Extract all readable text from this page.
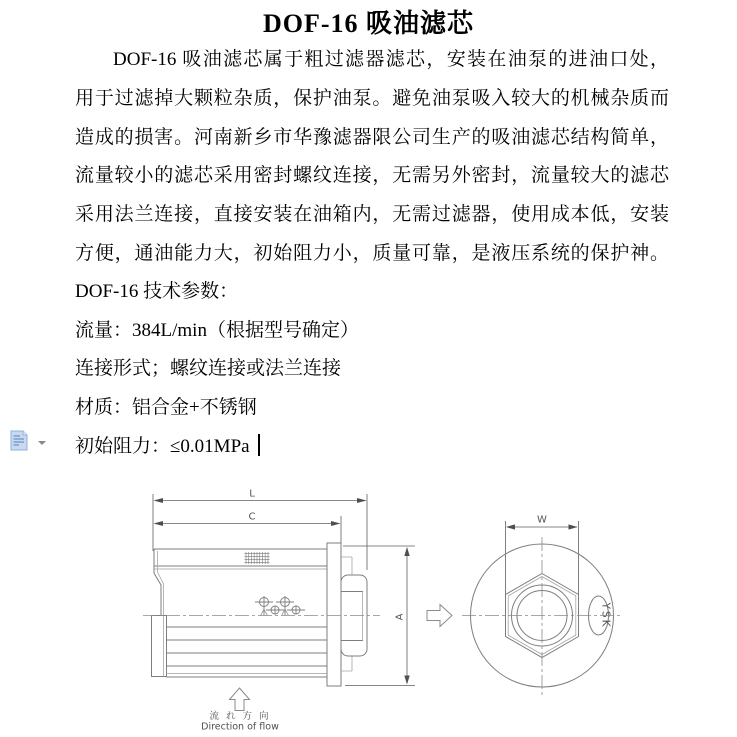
DOF-16 吸油滤芯
DOF-16 吸油滤芯属于粗过滤器滤芯，安装在油泵的进油口处，
用于过滤掉大颗粒杂质，保护油泵。避免油泵吸入较大的机械杂质而
造成的损害。河南新乡市华豫滤器限公司生产的吸油滤芯结构简单，
流量较小的滤芯采用密封螺纹连接，无需另外密封，流量较大的滤芯
采用法兰连接，直接安装在油箱内，无需过滤器，使用成本低，安装
方便，通油能力大，初始阻力小，质量可靠，是液压系统的保护神。
DOF-16 技术参数：
流量：384L/min（根据型号确定）
连接形式；螺纹连接或法兰连接
材质：铝合金+不锈钢
初始阻力：≤0.01MPa
L
C
A
W
YSK
流 れ 方 向
Direction of flow
